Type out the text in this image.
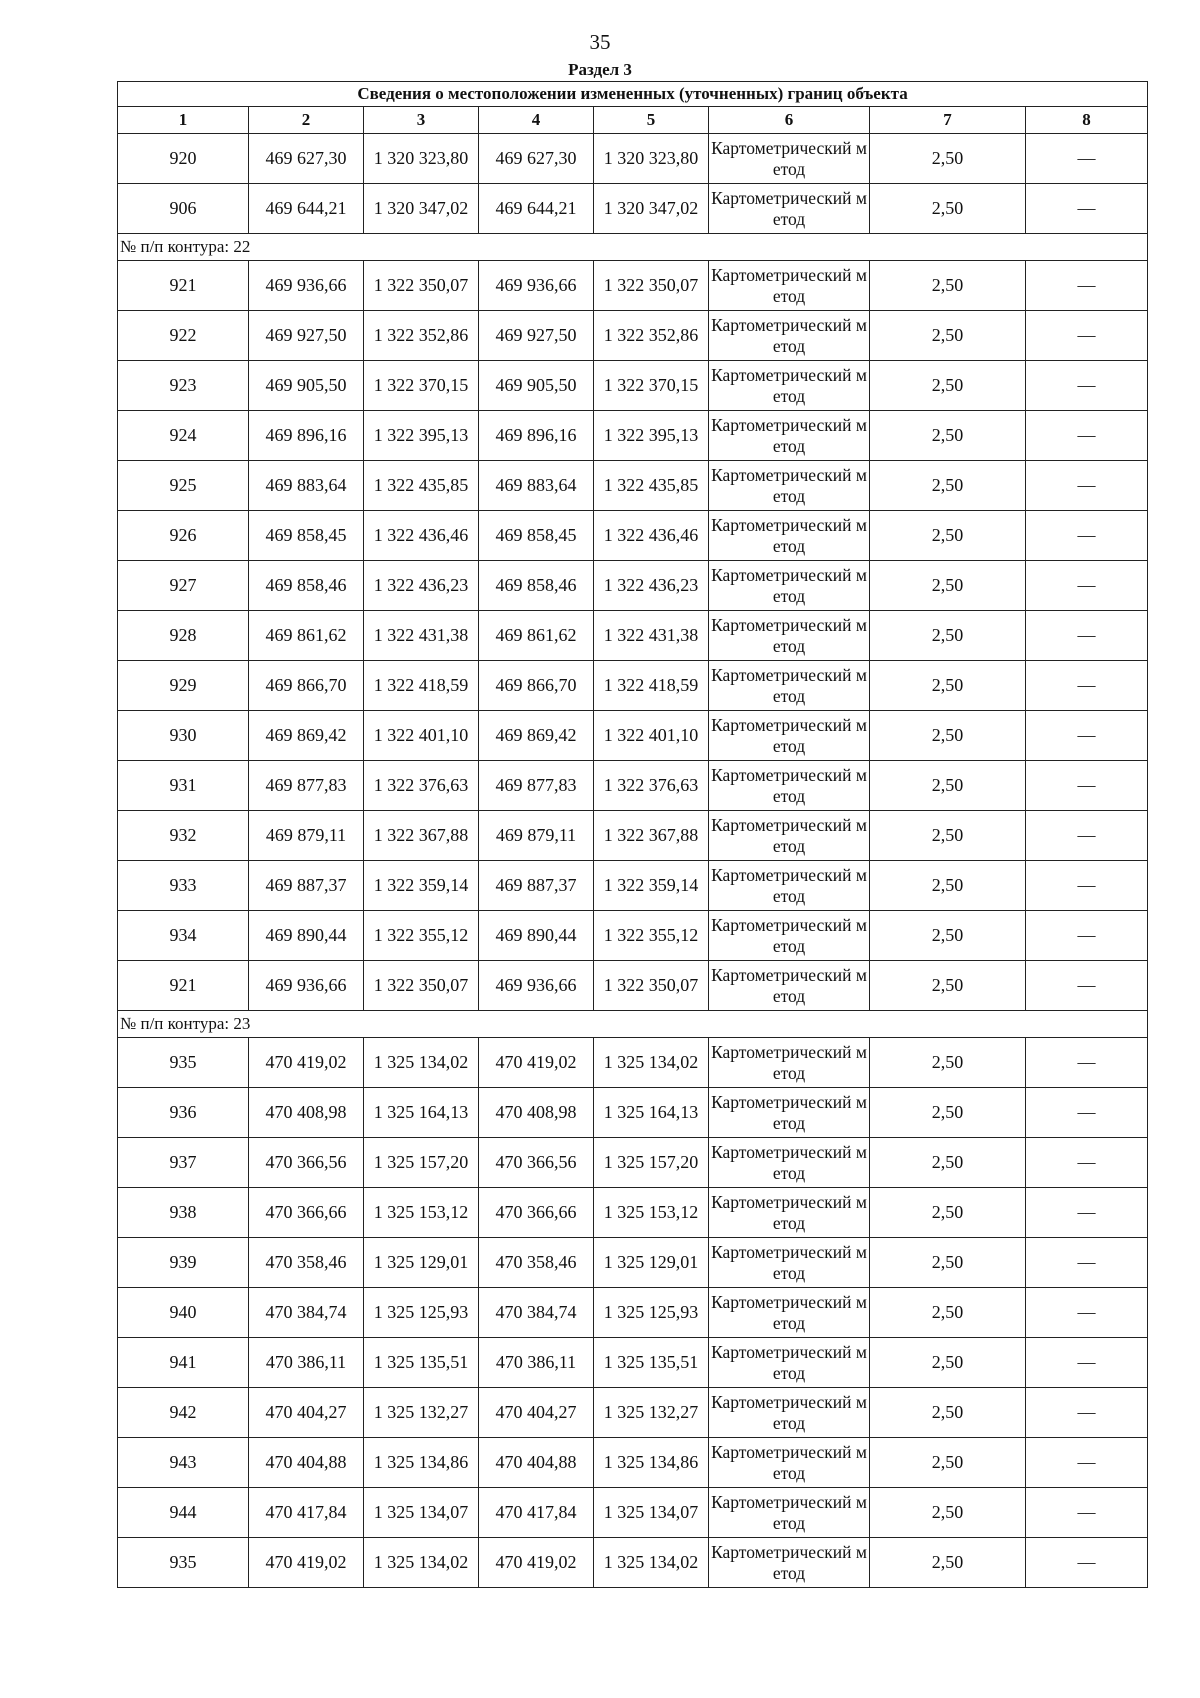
35
Раздел 3
Сведения о местоположении измененных (уточненных) границ объекта							
1	2	3	4	5	6	7	8
920	469 627,30	1 320 323,80	469 627,30	1 320 323,80	Картометрический метод	2,50	—
906	469 644,21	1 320 347,02	469 644,21	1 320 347,02	Картометрический метод	2,50	—
№ п/п контура: 22							
921	469 936,66	1 322 350,07	469 936,66	1 322 350,07	Картометрический метод	2,50	—
922	469 927,50	1 322 352,86	469 927,50	1 322 352,86	Картометрический метод	2,50	—
923	469 905,50	1 322 370,15	469 905,50	1 322 370,15	Картометрический метод	2,50	—
924	469 896,16	1 322 395,13	469 896,16	1 322 395,13	Картометрический метод	2,50	—
925	469 883,64	1 322 435,85	469 883,64	1 322 435,85	Картометрический метод	2,50	—
926	469 858,45	1 322 436,46	469 858,45	1 322 436,46	Картометрический метод	2,50	—
927	469 858,46	1 322 436,23	469 858,46	1 322 436,23	Картометрический метод	2,50	—
928	469 861,62	1 322 431,38	469 861,62	1 322 431,38	Картометрический метод	2,50	—
929	469 866,70	1 322 418,59	469 866,70	1 322 418,59	Картометрический метод	2,50	—
930	469 869,42	1 322 401,10	469 869,42	1 322 401,10	Картометрический метод	2,50	—
931	469 877,83	1 322 376,63	469 877,83	1 322 376,63	Картометрический метод	2,50	—
932	469 879,11	1 322 367,88	469 879,11	1 322 367,88	Картометрический метод	2,50	—
933	469 887,37	1 322 359,14	469 887,37	1 322 359,14	Картометрический метод	2,50	—
934	469 890,44	1 322 355,12	469 890,44	1 322 355,12	Картометрический метод	2,50	—
921	469 936,66	1 322 350,07	469 936,66	1 322 350,07	Картометрический метод	2,50	—
№ п/п контура: 23							
935	470 419,02	1 325 134,02	470 419,02	1 325 134,02	Картометрический метод	2,50	—
936	470 408,98	1 325 164,13	470 408,98	1 325 164,13	Картометрический метод	2,50	—
937	470 366,56	1 325 157,20	470 366,56	1 325 157,20	Картометрический метод	2,50	—
938	470 366,66	1 325 153,12	470 366,66	1 325 153,12	Картометрический метод	2,50	—
939	470 358,46	1 325 129,01	470 358,46	1 325 129,01	Картометрический метод	2,50	—
940	470 384,74	1 325 125,93	470 384,74	1 325 125,93	Картометрический метод	2,50	—
941	470 386,11	1 325 135,51	470 386,11	1 325 135,51	Картометрический метод	2,50	—
942	470 404,27	1 325 132,27	470 404,27	1 325 132,27	Картометрический метод	2,50	—
943	470 404,88	1 325 134,86	470 404,88	1 325 134,86	Картометрический метод	2,50	—
944	470 417,84	1 325 134,07	470 417,84	1 325 134,07	Картометрический метод	2,50	—
935	470 419,02	1 325 134,02	470 419,02	1 325 134,02	Картометрический метод	2,50	—
